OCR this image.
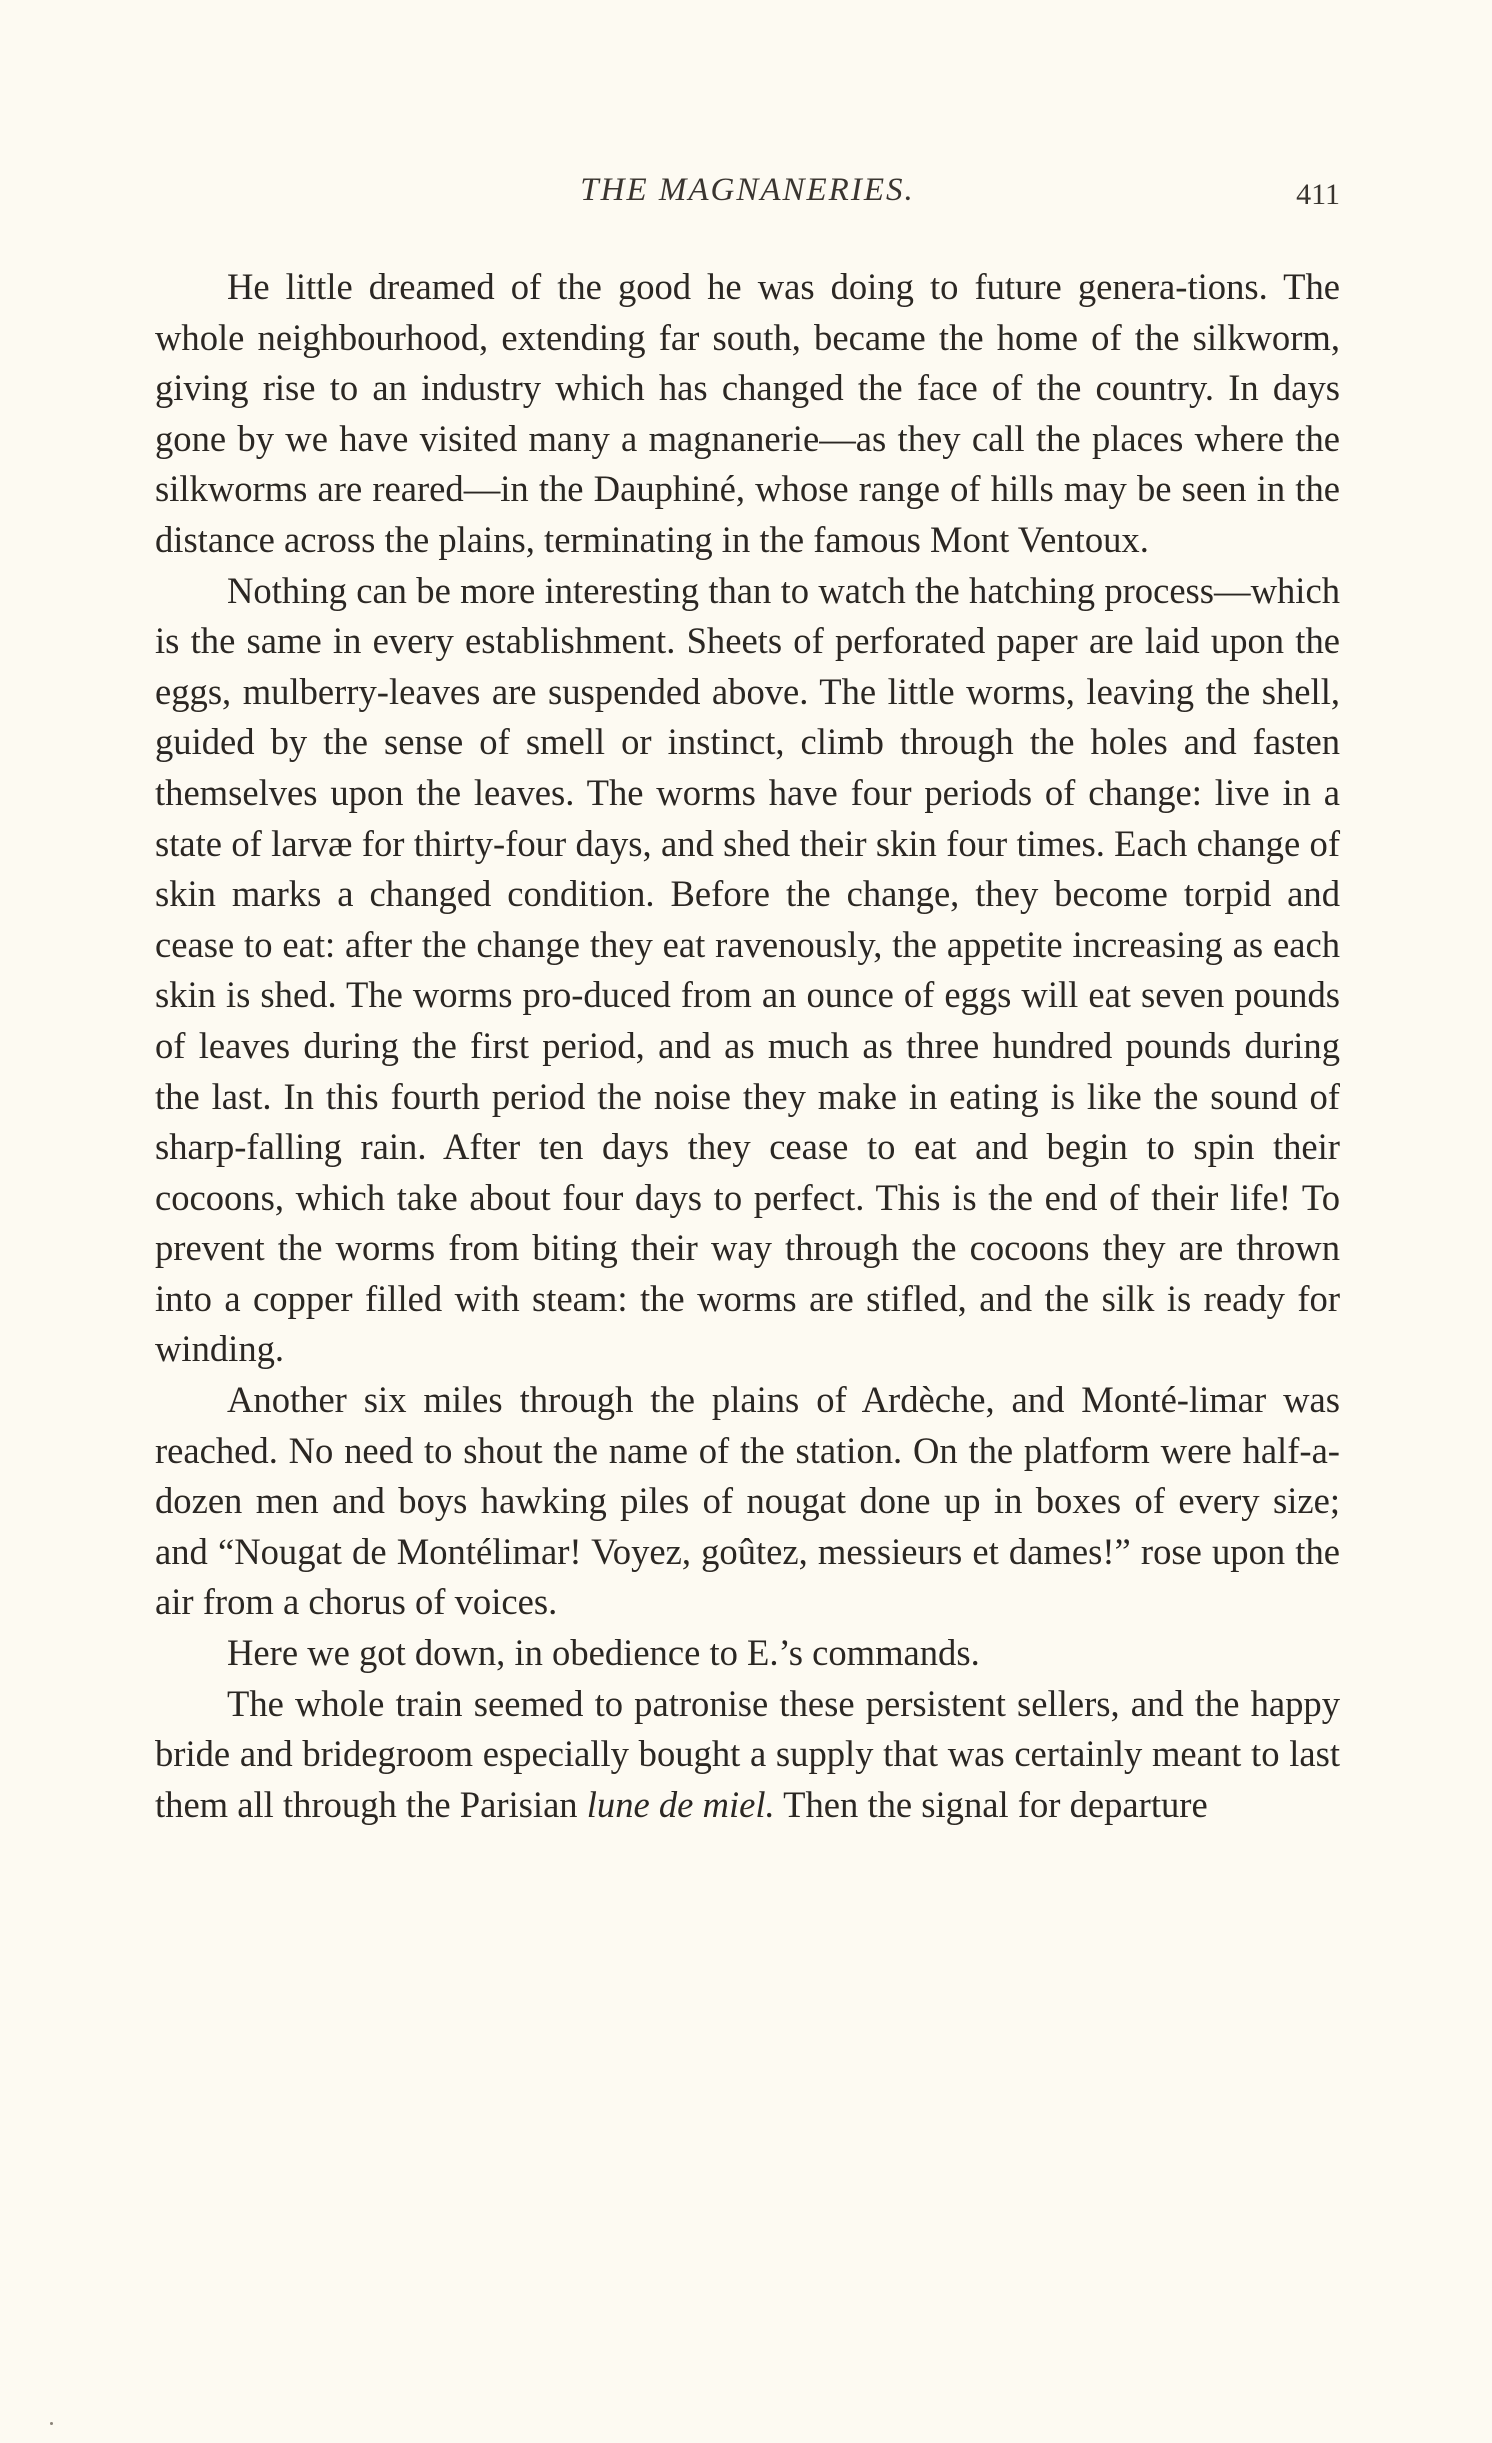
THE MAGNANERIES.	411

He little dreamed of the good he was doing to future genera-tions. The whole neighbourhood, extending far south, became the home of the silkworm, giving rise to an industry which has changed the face of the country. In days gone by we have visited many a magnanerie—as they call the places where the silkworms are reared—in the Dauphiné, whose range of hills may be seen in the distance across the plains, terminating in the famous Mont Ventoux.

Nothing can be more interesting than to watch the hatching process—which is the same in every establishment. Sheets of perforated paper are laid upon the eggs, mulberry-leaves are suspended above. The little worms, leaving the shell, guided by the sense of smell or instinct, climb through the holes and fasten themselves upon the leaves. The worms have four periods of change: live in a state of larvæ for thirty-four days, and shed their skin four times. Each change of skin marks a changed condition. Before the change, they become torpid and cease to eat: after the change they eat ravenously, the appetite increasing as each skin is shed. The worms pro-duced from an ounce of eggs will eat seven pounds of leaves during the first period, and as much as three hundred pounds during the last. In this fourth period the noise they make in eating is like the sound of sharp-falling rain. After ten days they cease to eat and begin to spin their cocoons, which take about four days to perfect. This is the end of their life! To prevent the worms from biting their way through the cocoons they are thrown into a copper filled with steam: the worms are stifled, and the silk is ready for winding.

Another six miles through the plains of Ardèche, and Monté-limar was reached. No need to shout the name of the station. On the platform were half-a-dozen men and boys hawking piles of nougat done up in boxes of every size; and “Nougat de Montélimar! Voyez, goûtez, messieurs et dames!” rose upon the air from a chorus of voices.

Here we got down, in obedience to E.’s commands.

The whole train seemed to patronise these persistent sellers, and the happy bride and bridegroom especially bought a supply that was certainly meant to last them all through the Parisian lune de miel. Then the signal for departure
